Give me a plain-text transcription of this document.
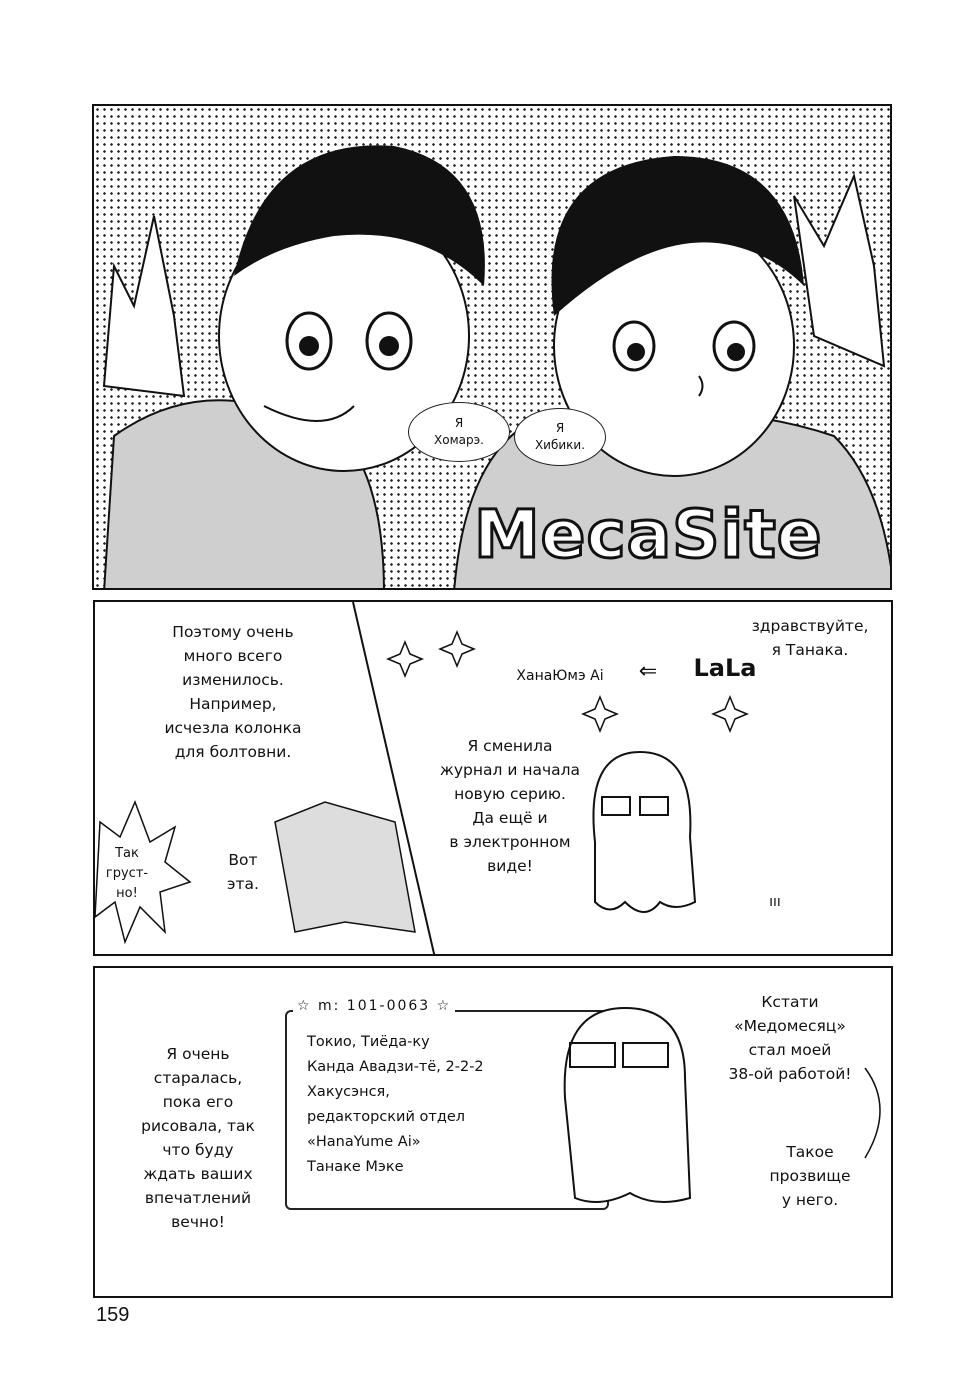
Я
Хомарэ.
Я
Хибики.
MecaSite
Поэтому очень
много всего
изменилось.
Например,
исчезла колонка
для болтовни.
Так
груст-
но!
Вот
эта.
здравствуйте,
я Танака.
ХанаЮмэ Ai	⇐	LaLa
Я сменила
журнал и начала
новую серию.
Да ещё и
в электронном
виде!
ııı
Я очень
старалась,
пока его
рисовала, так
что буду
ждать ваших
впечатлений
вечно!
☆ m: 101-0063 ☆
Токио, Тиёда-ку
Канда Авадзи-тё, 2-2-2
Хакусэнся,
редакторский отдел
«HanaYume Ai»
Танаке Мэке
Кстати
«Медомесяц»
стал моей
38-ой работой!
Такое
прозвище
у него.
159
